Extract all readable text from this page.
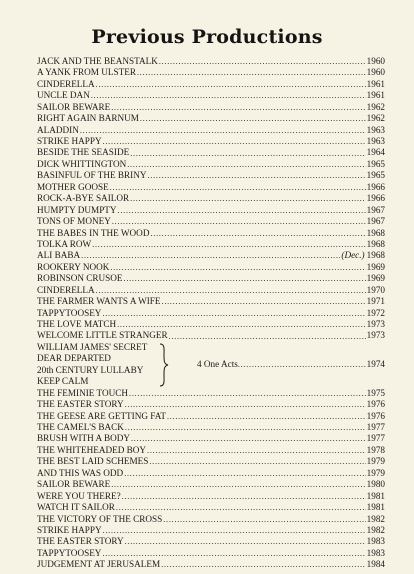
Previous Productions
JACK AND THE BEANSTALK . . .	1960
A YANK FROM ULSTER . . .	1960
CINDERELLA . . .	1961
UNCLE DAN . . .	1961
SAILOR BEWARE . . .	1962
RIGHT AGAIN BARNUM . . .	1962
ALADDIN . . .	1963
STRIKE HAPPY . . .	1963
BESIDE THE SEASIDE . . .	1964
DICK WHITTINGTON . . .	1965
BASINFUL OF THE BRINY . . .	1965
MOTHER GOOSE . . .	1966
ROCK-A-BYE SAILOR . . .	1966
HUMPTY DUMPTY . . .	1967
TONS OF MONEY . . .	1967
THE BABES IN THE WOOD . . .	1968
TOLKA ROW . . .	1968
ALI BABA . . .	(Dec.) 1968
ROOKERY NOOK . . .	1969
ROBINSON CRUSOE . . .	1969
CINDERELLA . . .	1970
THE FARMER WANTS A WIFE . . .	1971
TAPPYTOOSEY . . .	1972
THE LOVE MATCH . . .	1973
WELCOME LITTLE STRANGER . . .	1973
WILLIAM JAMES' SECRET
DEAR DEPARTED
20th CENTURY LULLABY
KEEP CALM
4 One Acts . . .	1974
THE FEMINIE TOUCH . . .	1975
THE EASTER STORY . . .	1976
THE GEESE ARE GETTING FAT . . .	1976
THE CAMEL'S BACK . . .	1977
BRUSH WITH A BODY . . .	1977
THE WHITEHEADED BOY . . .	1978
THE BEST LAID SCHEMES . . .	1979
AND THIS WAS ODD . . .	1979
SAILOR BEWARE . . .	1980
WERE YOU THERE? . . .	1981
WATCH IT SAILOR . . .	1981
THE VICTORY OF THE CROSS . . .	1982
STRIKE HAPPY . . .	1982
THE EASTER STORY . . .	1983
TAPPYTOOSEY . . .	1983
JUDGEMENT AT JERUSALEM . . .	1984
